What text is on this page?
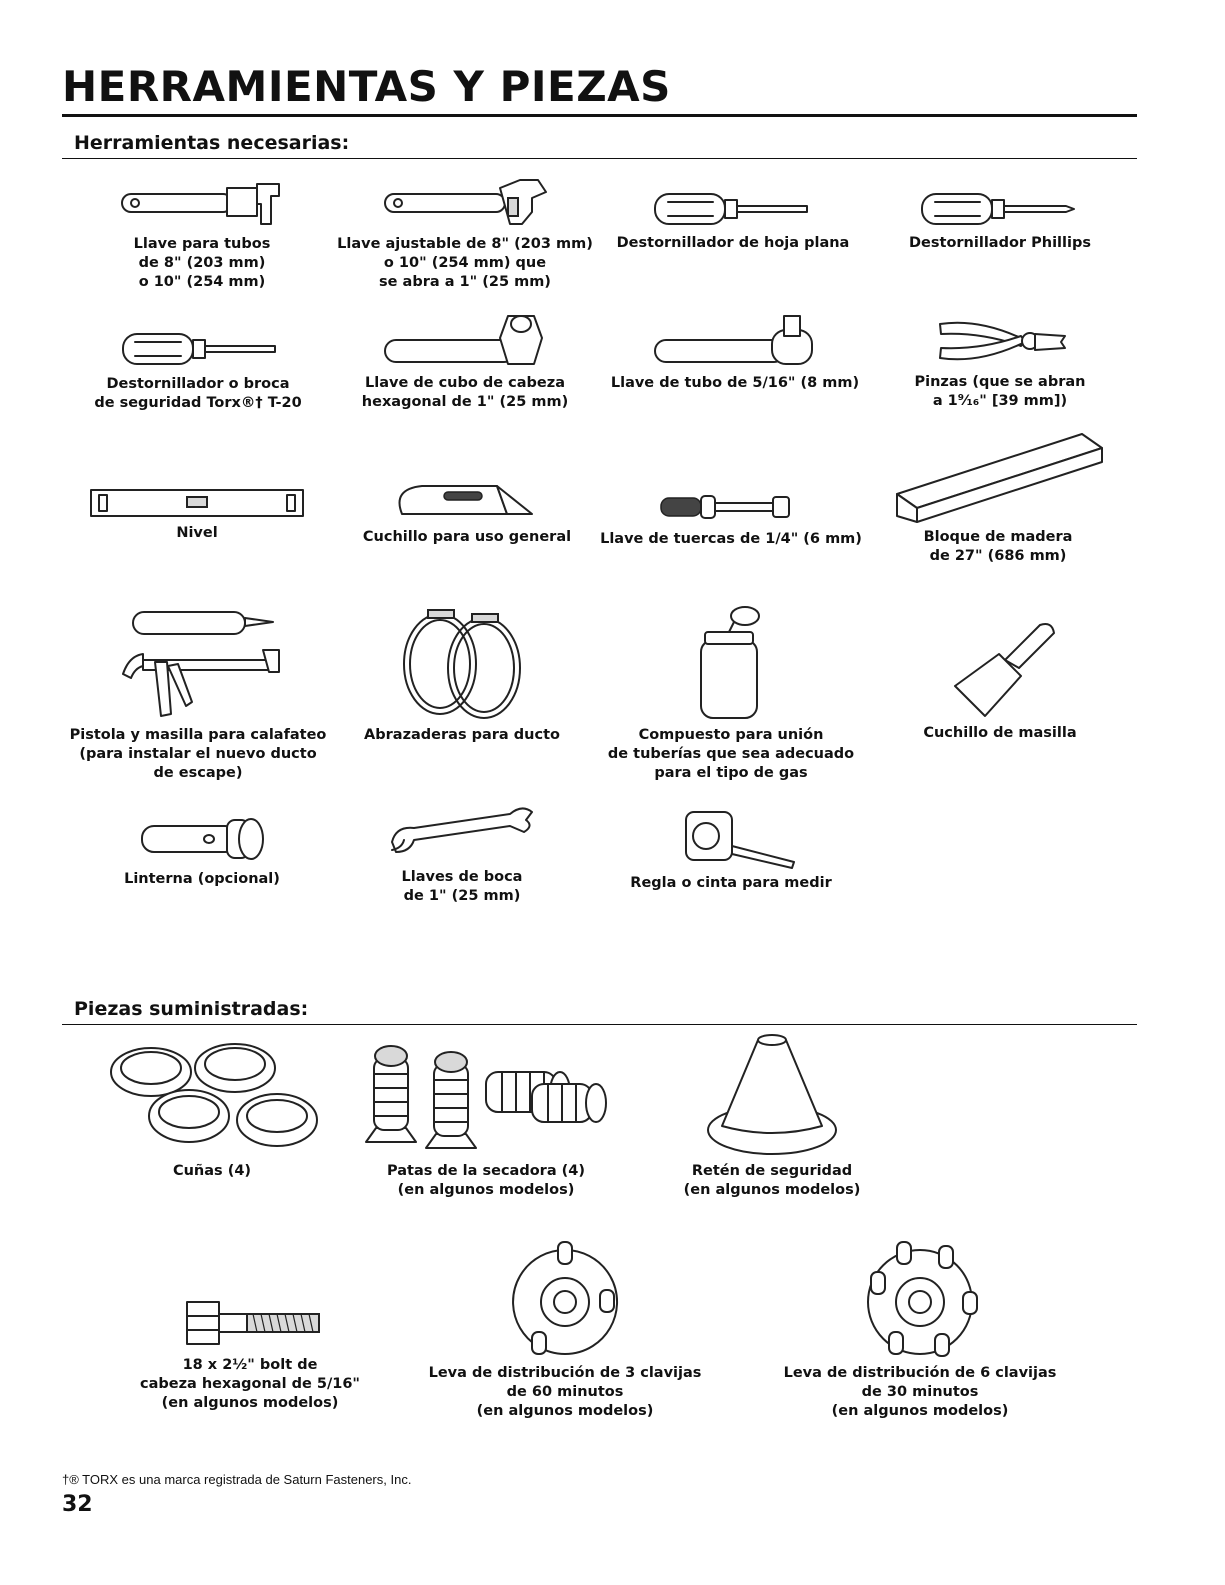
HERRAMIENTAS Y PIEZAS
Herramientas necesarias:
Llave para tubos
de 8" (203 mm)
o 10" (254 mm)
Llave ajustable de 8" (203 mm)
o 10" (254 mm) que
se abra a 1" (25 mm)
Destornillador de hoja plana	Destornillador Phillips
Destornillador o broca
de seguridad Torx®† T-20
Llave de cubo de cabeza
hexagonal de 1" (25 mm)
Llave de tubo de 5/16" (8 mm)	Pinzas (que se abran
a 1⁹⁄₁₆" [39 mm])
Nivel	Cuchillo para uso general	Llave de tuercas de 1/4" (6 mm)	Bloque de madera
de 27" (686 mm)
Pistola y masilla para calafateo
(para instalar el nuevo ducto
de escape)
Abrazaderas para ducto	Compuesto para unión
de tuberías que sea adecuado
para el tipo de gas
Cuchillo de masilla
Linterna (opcional)	Llaves de boca
de 1" (25 mm)
Regla o cinta para medir
Piezas suministradas:
Cuñas (4)	Patas de la secadora (4)
(en algunos modelos)
Retén de seguridad
(en algunos modelos)
18 x 2½" bolt de
cabeza hexagonal de 5/16"
(en algunos modelos)
Leva de distribución de 3 clavijas
de 60 minutos
(en algunos modelos)
Leva de distribución de 6 clavijas
de 30 minutos
(en algunos modelos)
†® TORX es una marca registrada de Saturn Fasteners, Inc.
32
